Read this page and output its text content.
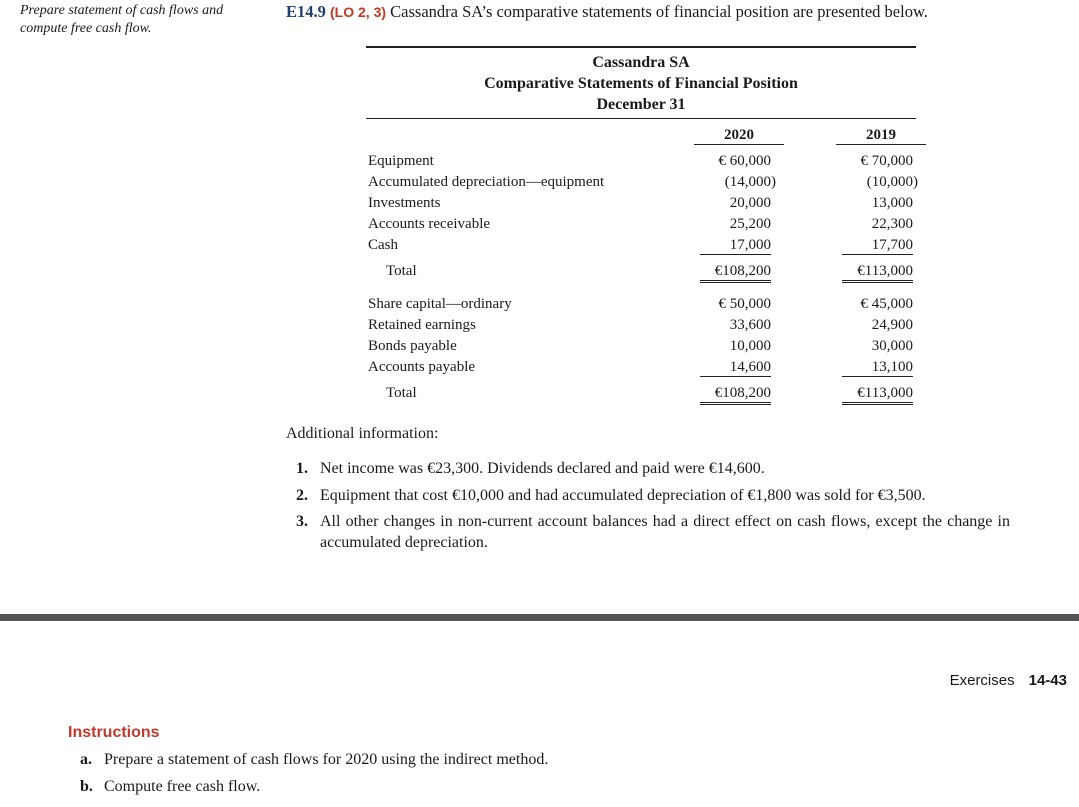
Prepare statement of cash flows and compute free cash flow.
E14.9 (LO 2, 3) Cassandra SA’s comparative statements of financial position are presented below.
Cassandra SA
Comparative Statements of Financial Position
December 31
2020	2019
Equipment	€ 60,000	€ 70,000
Accumulated depreciation—equipment	(14,000)	(10,000)
Investments	20,000	13,000
Accounts receivable	25,200	22,300
Cash	17,000	17,700
Total	€108,200	€113,000
Share capital—ordinary	€ 50,000	€ 45,000
Retained earnings	33,600	24,900
Bonds payable	10,000	30,000
Accounts payable	14,600	13,100
Total	€108,200	€113,000
Additional information:
1. Net income was €23,300. Dividends declared and paid were €14,600.
2. Equipment that cost €10,000 and had accumulated depreciation of €1,800 was sold for €3,500.
3. All other changes in non-current account balances had a direct effect on cash flows, except the change in accumulated depreciation.
Exercises 14-43
Instructions
a. Prepare a statement of cash flows for 2020 using the indirect method.
b. Compute free cash flow.
